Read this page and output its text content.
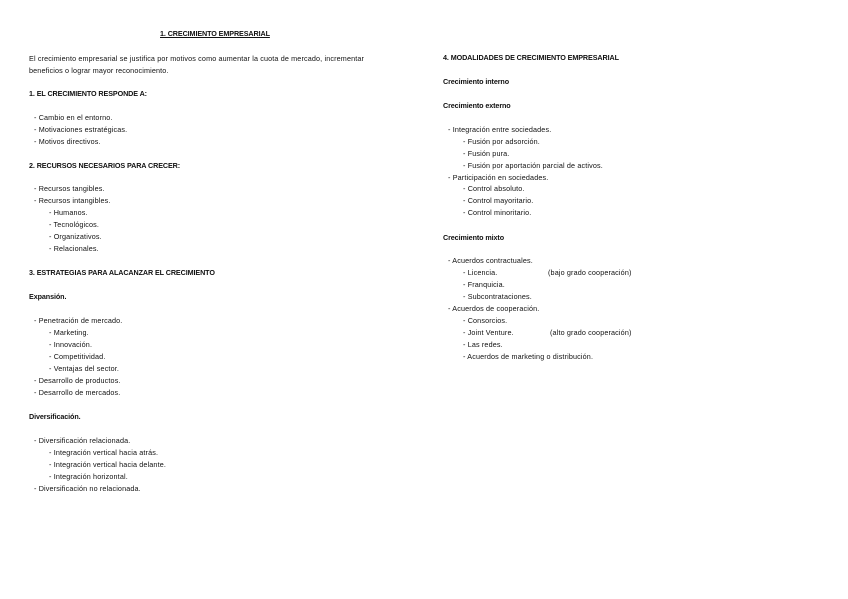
1. CRECIMIENTO EMPRESARIAL
El crecimiento empresarial se justifica por motivos como aumentar la cuota de mercado, incrementar
beneficios o lograr mayor reconocimiento.
1. EL CRECIMIENTO RESPONDE A:
- Cambio en el entorno.
- Motivaciones estratégicas.
- Motivos directivos.
2. RECURSOS NECESARIOS PARA CRECER:
- Recursos tangibles.
- Recursos intangibles.
- Humanos.
- Tecnológicos.
- Organizativos.
- Relacionales.
3. ESTRATEGIAS PARA ALACANZAR EL CRECIMIENTO
Expansión.
- Penetración de mercado.
- Marketing.
- Innovación.
- Competitividad.
- Ventajas del sector.
- Desarrollo de productos.
- Desarrollo de mercados.
Diversificación.
- Diversificación relacionada.
- Integración vertical hacia atrás.
- Integración vertical hacia delante.
- Integración horizontal.
- Diversificación no relacionada.
4. MODALIDADES DE CRECIMIENTO EMPRESARIAL
Crecimiento interno
Crecimiento externo
- Integración entre sociedades.
- Fusión por adsorción.
- Fusión pura.
- Fusión por aportación parcial de activos.
- Participación en sociedades.
- Control absoluto.
- Control mayoritario.
- Control minoritario.
Crecimiento mixto
- Acuerdos contractuales.
- Licencia.	(bajo grado cooperación)
- Franquicia.
- Subcontrataciones.
- Acuerdos de cooperación.
- Consorcios.
- Joint Venture.	(alto grado cooperación)
- Las redes.
- Acuerdos de marketing o distribución.
